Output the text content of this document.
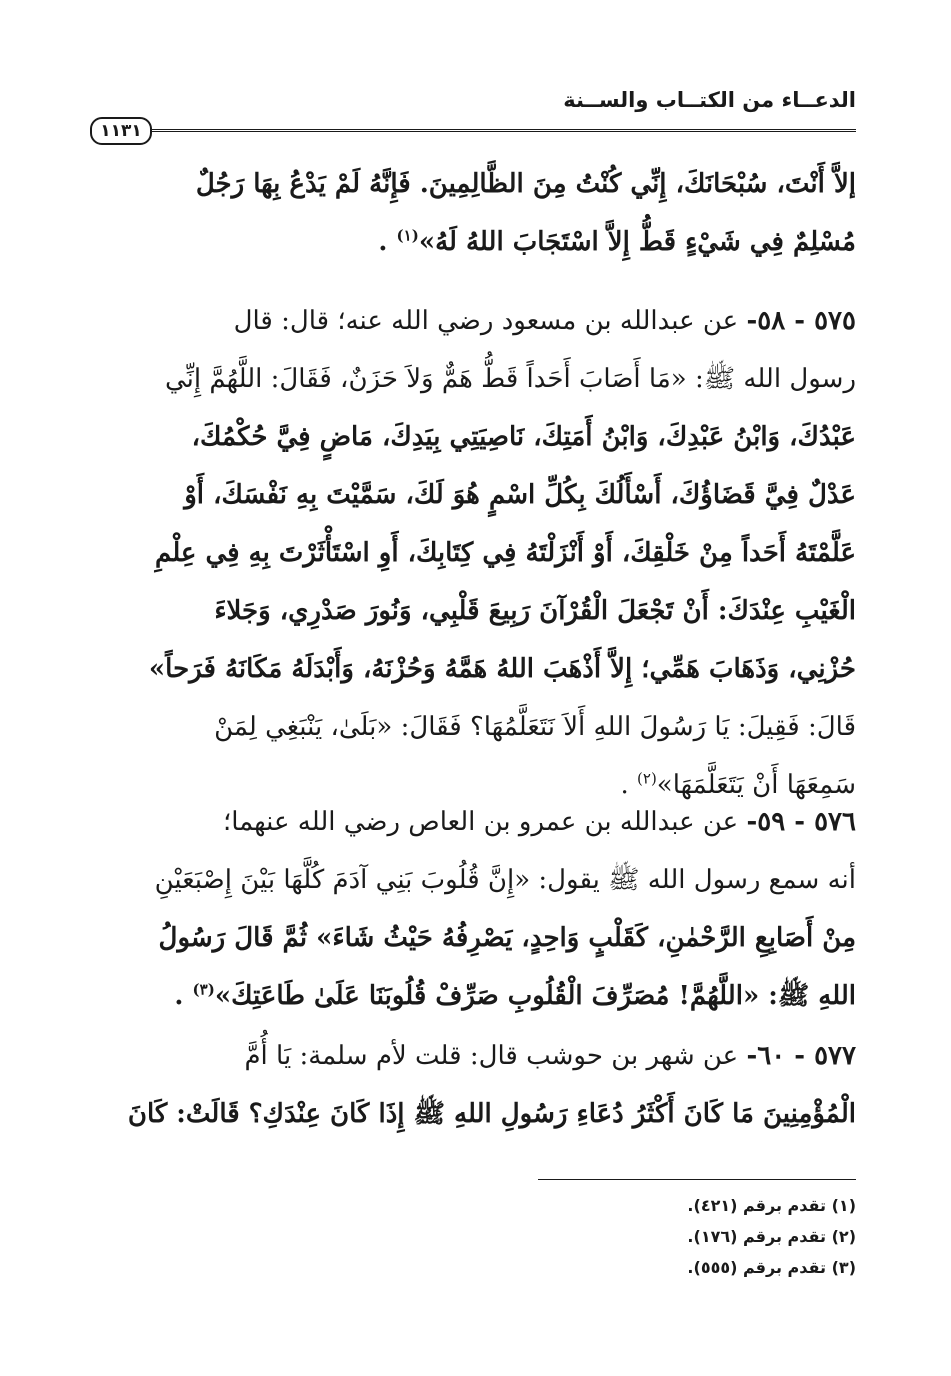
الدعــاء من الكتــاب والســنة
١١٣١
إلاَّ أَنْتَ، سُبْحَانَكَ، إِنِّي كُنْتُ مِنَ الظَّالِمِينَ. فَإِنَّهُ لَمْ يَدْعُ بِهَا رَجُلٌ
مُسْلِمٌ فِي شَيْءٍ قَطُّ إِلاَّ اسْتَجَابَ اللهُ لَهُ»$^{(١)}$ .
٥٧٥ - ٥٨- عن عبدالله بن مسعود رضي الله عنه؛ قال: قال
رسول الله ﷺ: «مَا أَصَابَ أَحَداً قَطُّ هَمٌّ وَلاَ حَزَنٌ، فَقَالَ: اللَّهُمَّ إِنِّي
عَبْدُكَ، وَابْنُ عَبْدِكَ، وَابْنُ أَمَتِكَ، نَاصِيَتِي بِيَدِكَ، مَاضٍ فِيَّ حُكْمُكَ،
عَدْلٌ فِيَّ قَضَاؤُكَ، أَسْأَلُكَ بِكُلِّ اسْمٍ هُوَ لَكَ، سَمَّيْتَ بِهِ نَفْسَكَ، أَوْ
عَلَّمْتَهُ أَحَداً مِنْ خَلْقِكَ، أَوْ أَنْزَلْتَهُ فِي كِتَابِكَ، أَوِ اسْتَأْثَرْتَ بِهِ فِي عِلْمِ
الْغَيْبِ عِنْدَكَ: أَنْ تَجْعَلَ الْقُرْآنَ رَبِيعَ قَلْبِي، وَنُورَ صَدْرِي، وَجَلاءَ
حُزْنِي، وَذَهَابَ هَمِّي؛ إِلاَّ أَذْهَبَ اللهُ هَمَّهُ وَحُزْنَهُ، وَأَبْدَلَهُ مَكَانَهُ فَرَحاً»
قَالَ: فَقِيلَ: يَا رَسُولَ اللهِ أَلاَ نَتَعَلَّمُهَا؟ فَقَالَ: «بَلَىٰ، يَنْبَغِي لِمَنْ
سَمِعَهَا أَنْ يَتَعَلَّمَهَا»$^{(٢)}$ .
٥٧٦ - ٥٩- عن عبدالله بن عمرو بن العاص رضي الله عنهما؛
أنه سمع رسول الله ﷺ يقول: «إِنَّ قُلُوبَ بَنِي آدَمَ كُلَّهَا بَيْنَ إِصْبَعَيْنِ
مِنْ أَصَابِعِ الرَّحْمٰنِ، كَقَلْبٍ وَاحِدٍ، يَصْرِفُهُ حَيْثُ شَاءَ» ثُمَّ قَالَ رَسُولُ
اللهِ ﷺ: «اللَّهُمَّ! مُصَرِّفَ الْقُلُوبِ صَرِّفْ قُلُوبَنَا عَلَىٰ طَاعَتِكَ»$^{(٣)}$ .
٥٧٧ - ٦٠- عن شهر بن حوشب قال: قلت لأم سلمة: يَا أُمَّ
الْمُؤْمِنِينَ مَا كَانَ أَكْثَرُ دُعَاءِ رَسُولِ اللهِ ﷺ إِذَا كَانَ عِنْدَكِ؟ قَالَتْ: كَانَ
(١) تقدم برقم (٤٢١).
(٢) تقدم برقم (١٧٦).
(٣) تقدم برقم (٥٥٥).
